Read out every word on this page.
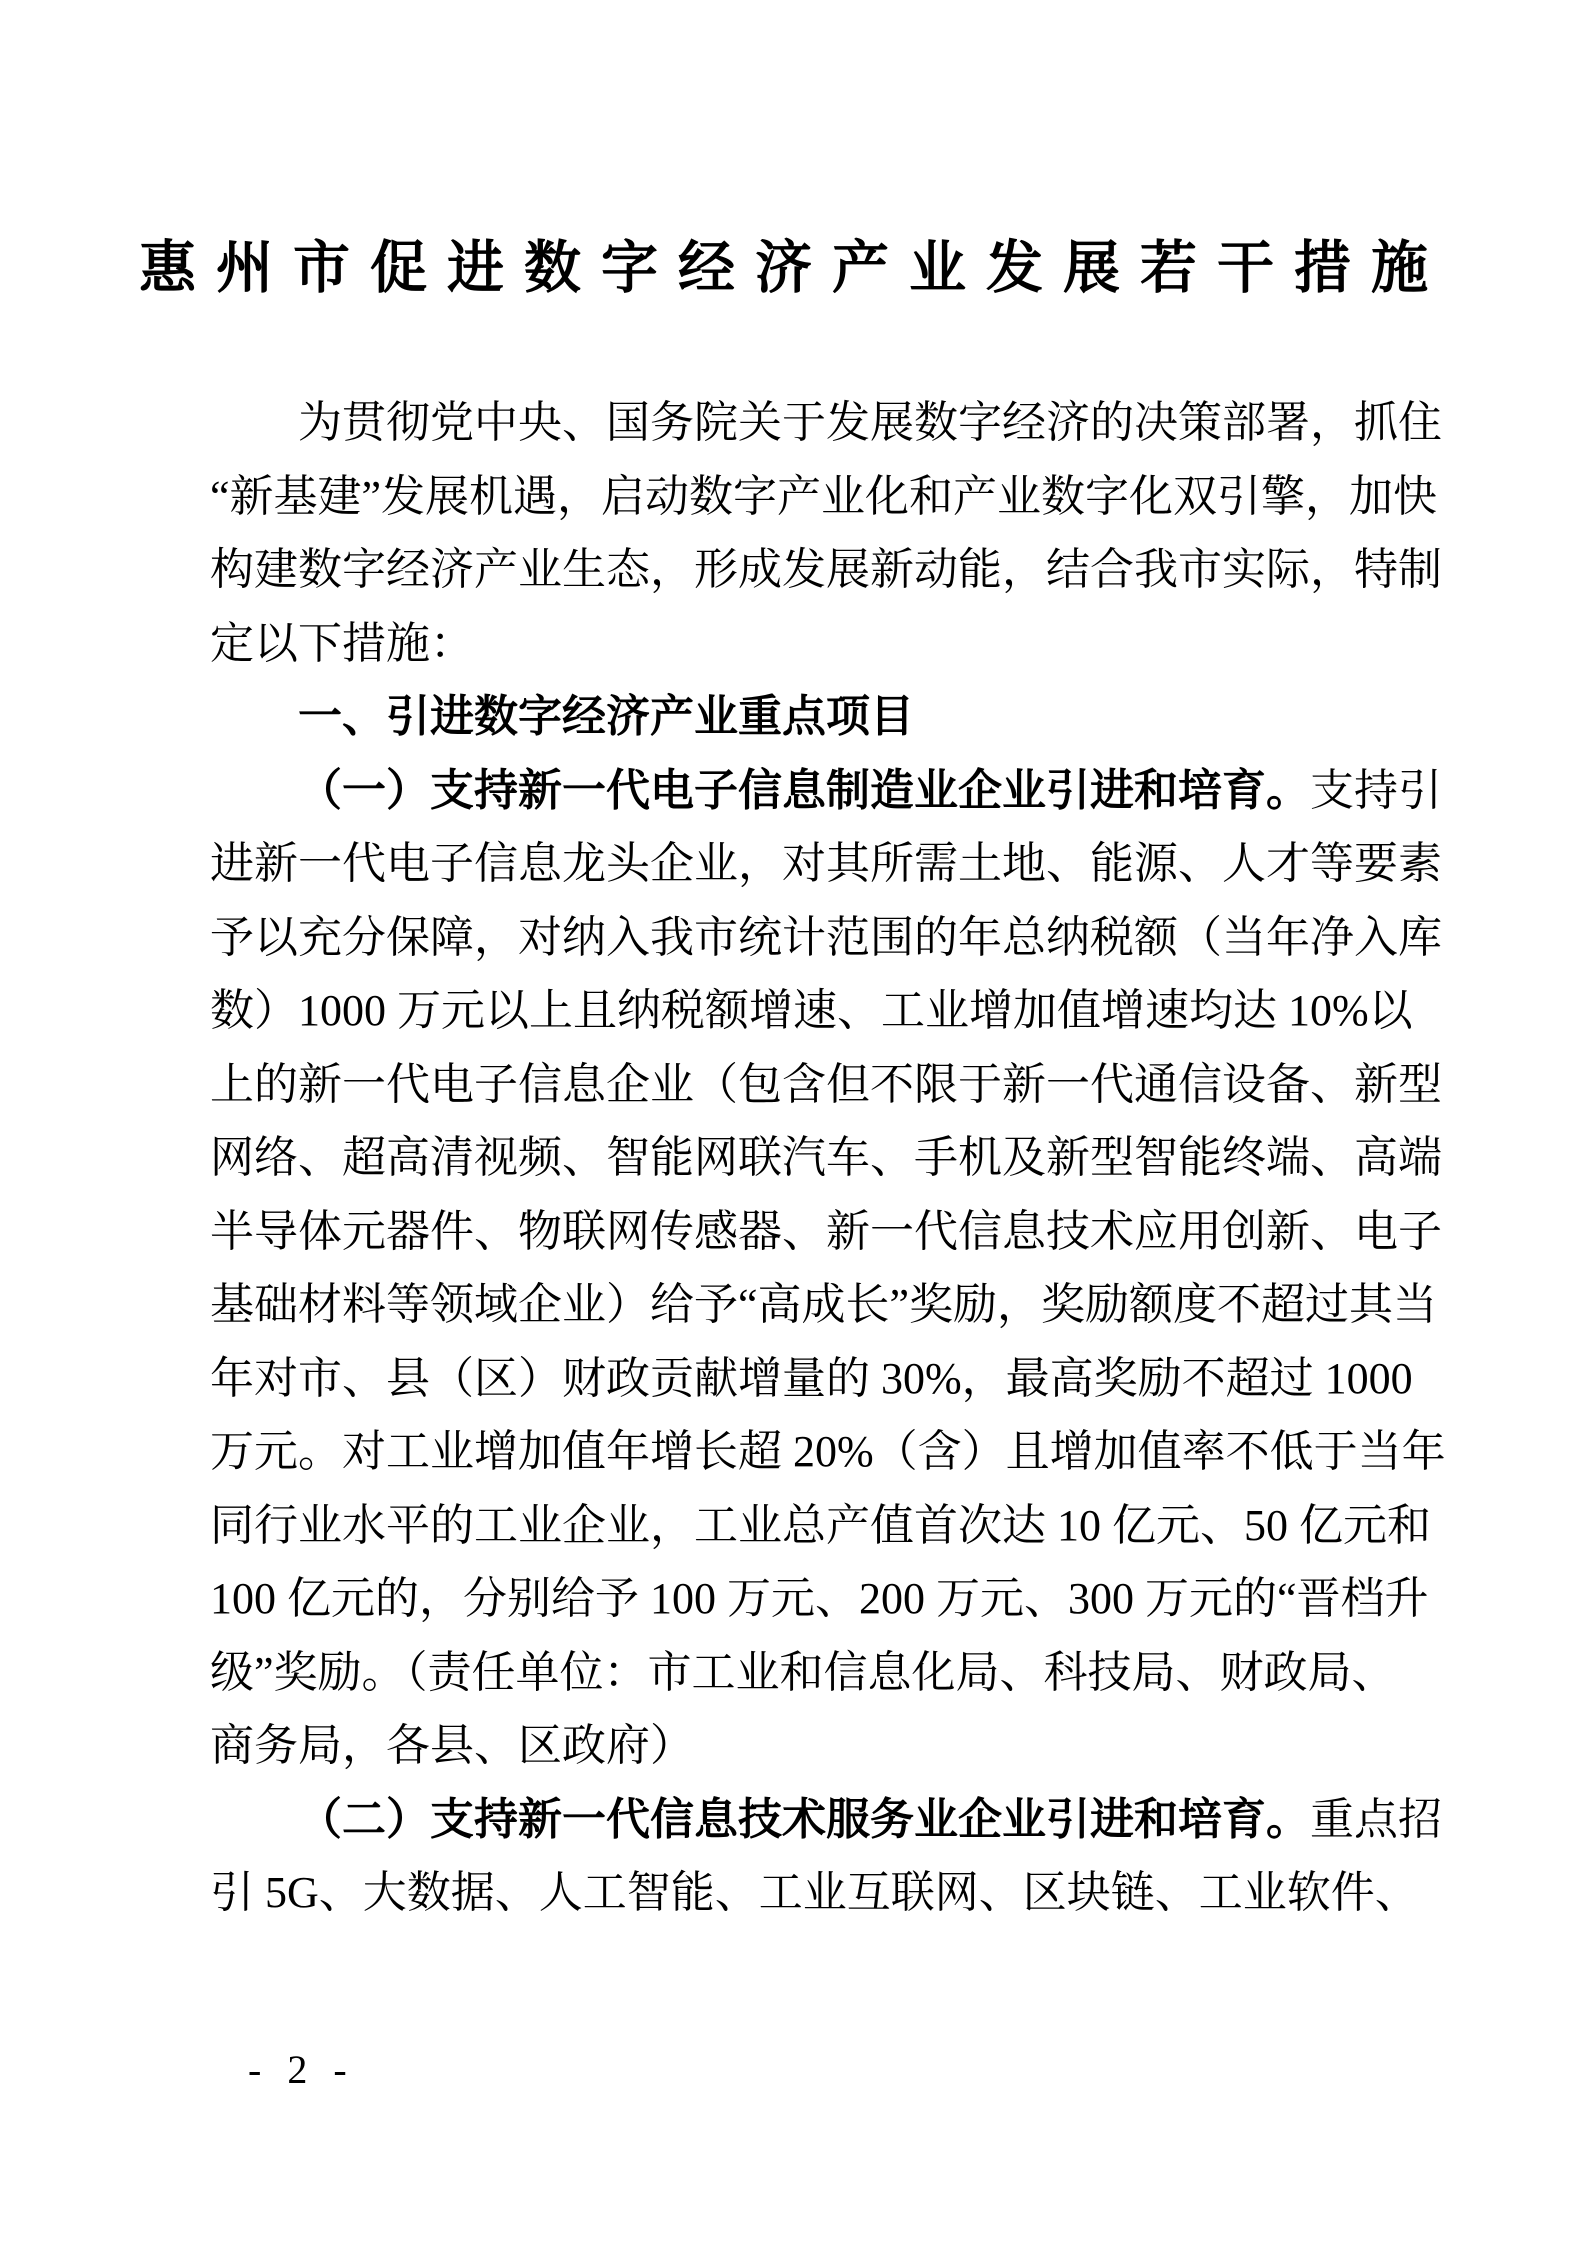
惠州市促进数字经济产业发展若干措施
为贯彻党中央、国务院关于发展数字经济的决策部署，抓住
“新基建”发展机遇，启动数字产业化和产业数字化双引擎，加快
构建数字经济产业生态，形成发展新动能，结合我市实际，特制
定以下措施：
一、引进数字经济产业重点项目
（一）支持新一代电子信息制造业企业引进和培育。支持引
进新一代电子信息龙头企业，对其所需土地、能源、人才等要素
予以充分保障，对纳入我市统计范围的年总纳税额（当年净入库
数）1000 万元以上且纳税额增速、工业增加值增速均达 10%以
上的新一代电子信息企业（包含但不限于新一代通信设备、新型
网络、超高清视频、智能网联汽车、手机及新型智能终端、高端
半导体元器件、物联网传感器、新一代信息技术应用创新、电子
基础材料等领域企业）给予“高成长”奖励，奖励额度不超过其当
年对市、县（区）财政贡献增量的 30%，最高奖励不超过 1000
万元。对工业增加值年增长超 20%（含）且增加值率不低于当年
同行业水平的工业企业，工业总产值首次达 10 亿元、50 亿元和
100 亿元的，分别给予 100 万元、200 万元、300 万元的“晋档升
级”奖励。（责任单位：市工业和信息化局、科技局、财政局、
商务局，各县、区政府）
（二）支持新一代信息技术服务业企业引进和培育。重点招
引 5G、大数据、人工智能、工业互联网、区块链、工业软件、
- 2 -
